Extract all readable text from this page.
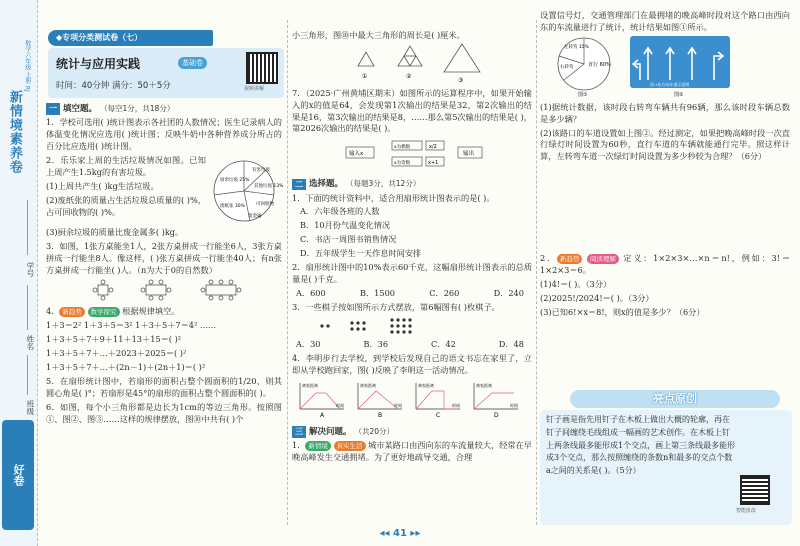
数学六年级 上册 RJ
新情境素养卷
学号
姓名
班级
好卷
◆专项分类测试卷（七）
统计与应用实践	基础卷
时间：40分钟 满分：50＋5分	视频讲解
一 填空题。 （每空1分，共18分）
1．学校可选用( )统计图表示各社团的人数情况；医生记录病人的体温变化情况应选用( )统计图；反映牛奶中各种营养成分所占的百分比应选用( )统计图。
2．乐乐家上周的生活垃圾情况如图。已知上周产生1.5kg的有害垃圾。
(1)上周共产生( )kg生活垃圾。
(2)废纸张的质量占生活垃圾总质量的( )%，占可回收物的( )%。
有害垃圾
其他垃圾 13%
厨余垃圾 25%
可回收物
废纸张 30%
废金属
(3)厨余垃圾的质量比废金属多( )kg。
3．如图，1张方桌能坐1人，2张方桌拼成一行能坐6人，3张方桌拼成一行能坐8人。像这样，( )张方桌拼成一行能坐40人；有n张方桌拼成一行能坐( )人。（n为大于0的自然数）
4． 新趋势 数学探究 根据规律填空。
1＋3＝2² 1＋3＋5＝3² 1＋3＋5＋7＝4² ……
1＋3＋5＋7＋9＋11＋13＋15＝( )²
1＋3＋5＋7＋…＋2023＋2025＝( )²
1＋3＋5＋7＋…＋(2n－1)＋(2n＋1)＝( )²
5．在扇形统计图中，若扇形的面积占整个圆面积的1/20，则其圆心角是( )°；若扇形是45°的扇形的面积占整个圆面积的( )。
6．如图，每个小三角形都是边长为1cm的等边三角形。按照图①、图②、图③……这样的规律摆放，图⑩中共有( )个
小三角形，图⑩中最大三角形的周长是( )厘米。
①	②
③
7．（2025·广州黄埔区期末）如图所示的运算程序中，如果开始输入的x的值是64，会发现第1次输出的结果是32，第2次输出的结果是16，第3次输出的结果是8，……那么第5次输出的结果是( )，第2026次输出的结果是( )。
输入x
x为偶数	x/2
x为奇数	x+1
输出
二 选择题。 （每题3分，共12分）
1．下面的统计资料中，适合用扇形统计图表示的是( )。
A．六年级各班的人数
B．10月份气温变化情况
C．书店一周图书销售情况
D．五年级学生一天作息时间安排
2．扇形统计图中的10%表示60千克，这幅扇形统计图表示的总质量是( )千克。
A．600	B．1500	C．260	D．240
3．一些棋子按如图所示方式摆放，第6幅图有( )枚棋子。
A．30	B．36	C．42	D．48
4．李明步行去学校，到学校后发现自己的语文书忘在家里了，立即从学校跑回家，图( )反映了李明这一活动情况。
离家距离	离家距离	离家距离	离家距离
时间	时间	时间	时间
A	B	C	D
三 解决问题。 （共20分）
1． 新情境 真实生活 城市某路口由西向东的车流量较大，经常在早晚高峰发生交通拥堵。为了更好地疏导交通，合理
设置信号灯，交通管理部门在最拥堵的晚高峰时段对这个路口由西向东的车流量进行了统计，统计结果如图①所示。
左转弯 15%
直行 60%
右转弯
图①
西→东方向车道示意图
图②
(1)据统计数据，该时段右转弯车辆共有96辆，那么该时段车辆总数是多少辆？
(2)该路口的车道设置如上图②。经过测定，如果把晚高峰时段一次直行绿灯时间设置为60秒，直行车道的车辆就能通行完毕。照这样计算，左转弯车道一次绿灯时间设置为多少秒较为合理？（6分）
2． 新趋势 阅读理解 定义：1×2×3×…×n＝n!，例如：3!＝1×2×3＝6。
(1)4!＝( )。（3分）
(2)2025!/2024!＝( )。（3分）
(3)已知6!×x＝8!，则x的值是多少？（6分）
亮点原创
钉子画是指先用钉子在木板上做出大概的轮廓，再在钉子间缠绕毛线组成一幅画的艺术创作。在木板上钉上两条线最多能形成1个交点，画上第三条线最多能形成3个交点，那么按照缠绕的条数n和最多的交点个数a之间的关系是( )。（5分）
智能批改
◂◂ 41 ▸▸
